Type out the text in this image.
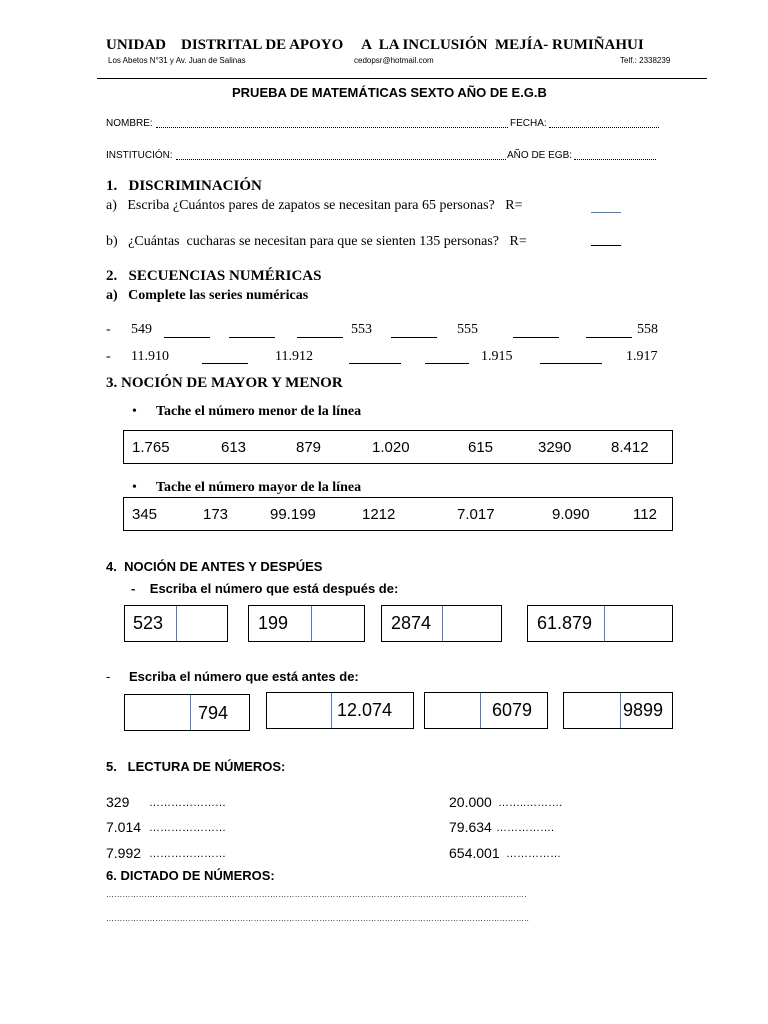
UNIDAD    DISTRITAL DE APOYO     A  LA INCLUSIÓN  MEJÍA- RUMIÑAHUI
Los Abetos N°31 y Av. Juan de Salinas	cedopsr@hotmail.com	Telf.: 2338239
PRUEBA DE MATEMÁTICAS SEXTO AÑO DE E.G.B
NOMBRE:	FECHA:
INSTITUCIÓN:	AÑO DE EGB:
1.   DISCRIMINACIÓN
a)   Escriba ¿Cuántos pares de zapatos se necesitan para 65 personas?   R=
b)   ¿Cuántas  cucharas se necesitan para que se sienten 135 personas?   R=
2.   SECUENCIAS NUMÉRICAS
a)   Complete las series numéricas
- 549	553	555	558
- 11.910	11.912	1.915	1.917
3. NOCIÓN DE MAYOR Y MENOR
• Tache el número menor de la línea
1.765	613	879	1.020	615	3290	8.412
• Tache el número mayor de la línea
345	173	99.199	1212	7.017	9.090	112
4.  NOCIÓN DE ANTES Y DESPÚES
-    Escriba el número que está después de:
523	199	2874	61.879
- Escriba el número que está antes de:
794	12.074	6079	9899
5.   LECTURA DE NÚMEROS:
329 …………………
7.014 …………………
7.992 …………………
20.000 ……..……….
79.634 …………….
654.001 ……………
6. DICTADO DE NÚMEROS:
……………………………………………………………………………………………………………………………………….
………………………………………………………………………………………………………………………………………..
